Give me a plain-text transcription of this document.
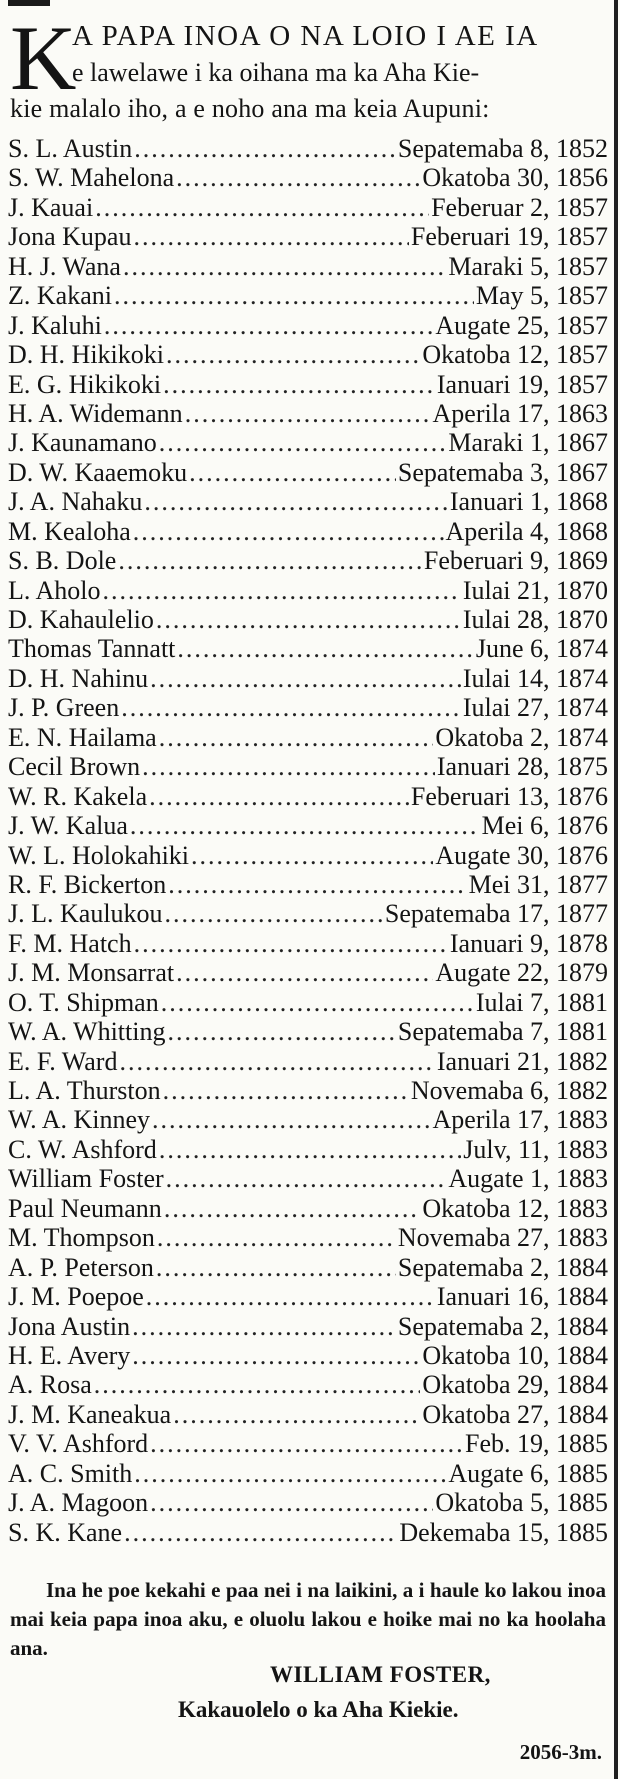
K
A PAPA INOA O NA LOIO I AE IA
e lawelawe i ka oihana ma ka Aha Kie-
kie malalo iho, a e noho ana ma keia Aupuni:
S. L. Austin .....	Sepatemaba 8, 1852
S. W. Mahelona .....	Okatoba 30, 1856
J. Kauai .....	Feberuar 2, 1857
Jona Kupau .....	Feberuari 19, 1857
H. J. Wana .....	Maraki 5, 1857
Z. Kakani .....	May 5, 1857
J. Kaluhi .....	Augate 25, 1857
D. H. Hikikoki .....	Okatoba 12, 1857
E. G. Hikikoki .....	Ianuari 19, 1857
H. A. Widemann .....	Aperila 17, 1863
J. Kaunamano .....	Maraki 1, 1867
D. W. Kaaemoku .....	Sepatemaba 3, 1867
J. A. Nahaku .....	Ianuari 1, 1868
M. Kealoha .....	Aperila 4, 1868
S. B. Dole .....	Feberuari 9, 1869
L. Aholo .....	Iulai 21, 1870
D. Kahaulelio .....	Iulai 28, 1870
Thomas Tannatt .....	June 6, 1874
D. H. Nahinu .....	Iulai 14, 1874
J. P. Green .....	Iulai 27, 1874
E. N. Hailama .....	Okatoba 2, 1874
Cecil Brown .....	Ianuari 28, 1875
W. R. Kakela .....	Feberuari 13, 1876
J. W. Kalua .....	Mei 6, 1876
W. L. Holokahiki .....	Augate 30, 1876
R. F. Bickerton .....	Mei 31, 1877
J. L. Kaulukou .....	Sepatemaba 17, 1877
F. M. Hatch .....	Ianuari 9, 1878
J. M. Monsarrat .....	Augate 22, 1879
O. T. Shipman .....	Iulai 7, 1881
W. A. Whitting .....	Sepatemaba 7, 1881
E. F. Ward .....	Ianuari 21, 1882
L. A. Thurston .....	Novemaba 6, 1882
W. A. Kinney .....	Aperila 17, 1883
C. W. Ashford .....	Julv, 11, 1883
William Foster .....	Augate 1, 1883
Paul Neumann .....	Okatoba 12, 1883
M. Thompson .....	Novemaba 27, 1883
A. P. Peterson .....	Sepatemaba 2, 1884
J. M. Poepoe .....	Ianuari 16, 1884
Jona Austin .....	Sepatemaba 2, 1884
H. E. Avery .....	Okatoba 10, 1884
A. Rosa .....	Okatoba 29, 1884
J. M. Kaneakua .....	Okatoba 27, 1884
V. V. Ashford .....	Feb. 19, 1885
A. C. Smith .....	Augate 6, 1885
J. A. Magoon .....	Okatoba 5, 1885
S. K. Kane .....	Dekemaba 15, 1885
Ina he poe kekahi e paa nei i na laikini, a i haule ko lakou inoa mai keia papa inoa aku, e oluolu lakou e hoike mai no ka hoolaha ana.
WILLIAM FOSTER,
Kakauolelo o ka Aha Kiekie.
2056-3m.
